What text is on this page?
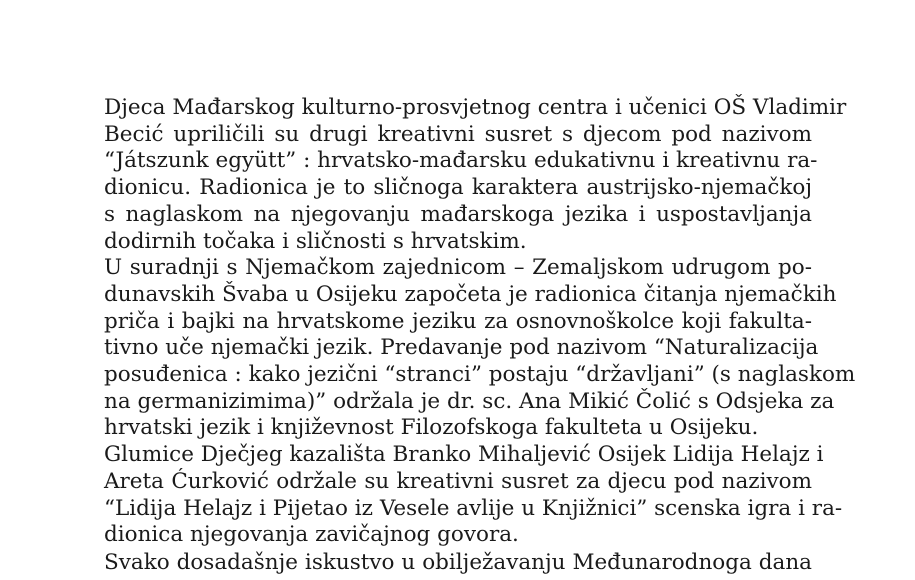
Djeca Mađarskog kulturno-prosvjetnog centra i učenici OŠ Vladimir
Becić upriličili su drugi kreativni susret s djecom pod nazivom
“Játszunk együtt” : hrvatsko-mađarsku edukativnu i kreativnu ra-
dionicu. Radionica je to sličnoga karaktera austrijsko-njemačkoj
s naglaskom na njegovanju mađarskoga jezika i uspostavljanja
dodirnih točaka i sličnosti s hrvatskim.
U suradnji s Njemačkom zajednicom – Zemaljskom udrugom po-
dunavskih Švaba u Osijeku započeta je radionica čitanja njemačkih
priča i bajki na hrvatskome jeziku za osnovnoškolce koji fakulta-
tivno uče njemački jezik. Predavanje pod nazivom “Naturalizacija
posuđenica : kako jezični “stranci” postaju “državljani” (s naglaskom
na germanizimima)” održala je dr. sc. Ana Mikić Čolić s Odsjeka za
hrvatski jezik i književnost Filozofskoga fakulteta u Osijeku.
Glumice Dječjeg kazališta Branko Mihaljević Osijek Lidija Helajz i
Areta Ćurković održale su kreativni susret za djecu pod nazivom
“Lidija Helajz i Pijetao iz Vesele avlije u Knjižnici” scenska igra i ra-
dionica njegovanja zavičajnog govora.
Svako dosadašnje iskustvo u obilježavanju Međunarodnoga dana
